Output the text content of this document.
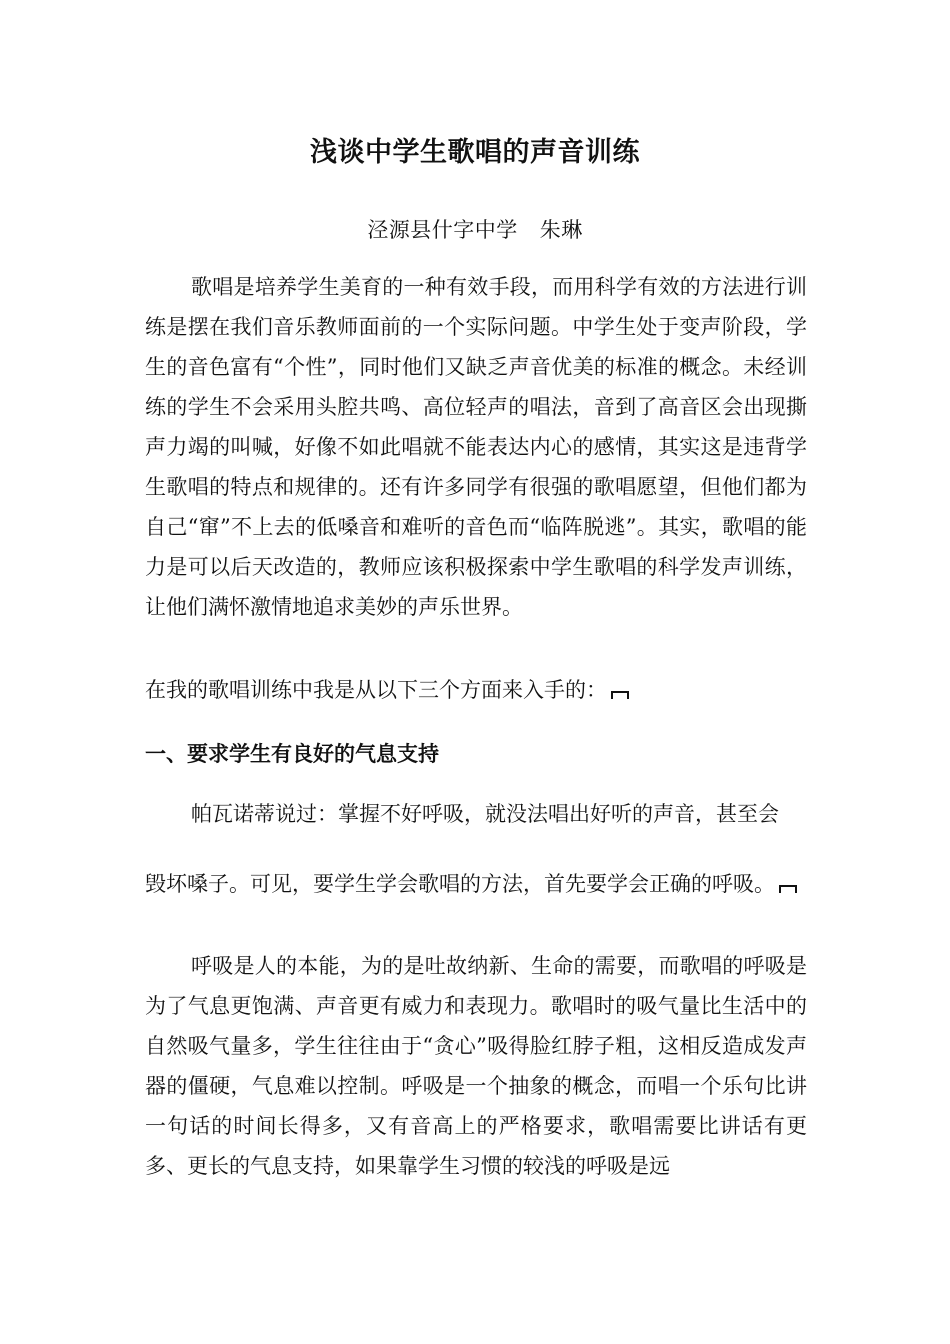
浅谈中学生歌唱的声音训练
泾源县什字中学 朱琳

歌唱是培养学生美育的一种有效手段，而用科学有效的方法进行训练是摆在我们音乐教师面前的一个实际问题。中学生处于变声阶段，学生的音色富有“个性”，同时他们又缺乏声音优美的标准的概念。未经训练的学生不会采用头腔共鸣、高位轻声的唱法，音到了高音区会出现撕声力竭的叫喊，好像不如此唱就不能表达内心的感情，其实这是违背学生歌唱的特点和规律的。还有许多同学有很强的歌唱愿望，但他们都为自己“窜”不上去的低嗓音和难听的音色而“临阵脱逃”。其实，歌唱的能力是可以后天改造的，教师应该积极探索中学生歌唱的科学发声训练，让他们满怀激情地追求美妙的声乐世界。

在我的歌唱训练中我是从以下三个方面来入手的：

一、要求学生有良好的气息支持

帕瓦诺蒂说过：掌握不好呼吸，就没法唱出好听的声音，甚至会

毁坏嗓子。可见，要学生学会歌唱的方法，首先要学会正确的呼吸。

呼吸是人的本能，为的是吐故纳新、生命的需要，而歌唱的呼吸是为了气息更饱满、声音更有威力和表现力。歌唱时的吸气量比生活中的自然吸气量多，学生往往由于“贪心”吸得脸红脖子粗，这相反造成发声器的僵硬，气息难以控制。呼吸是一个抽象的概念，而唱一个乐句比讲一句话的时间长得多，又有音高上的严格要求，歌唱需要比讲话有更多、更长的气息支持，如果靠学生习惯的较浅的呼吸是远
